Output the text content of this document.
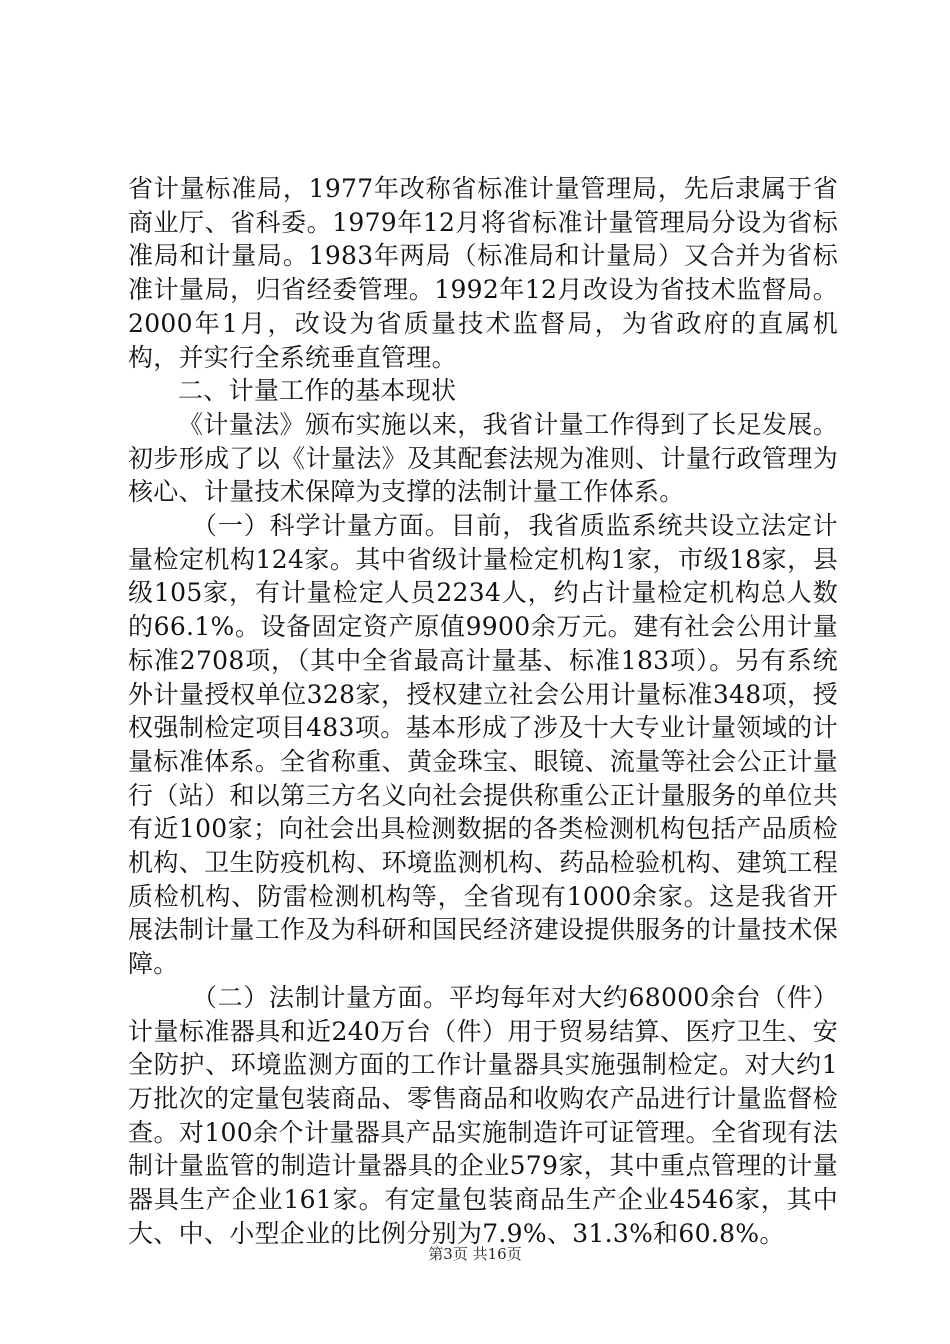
省计量标准局，1977年改称省标准计量管理局，先后隶属于省商业厅、省科委。1979年12月将省标准计量管理局分设为省标准局和计量局。1983年两局（标准局和计量局）又合并为省标准计量局，归省经委管理。1992年12月改设为省技术监督局。2000年1月，改设为省质量技术监督局，为省政府的直属机构，并实行全系统垂直管理。

二、计量工作的基本现状

《计量法》颁布实施以来，我省计量工作得到了长足发展。初步形成了以《计量法》及其配套法规为准则、计量行政管理为核心、计量技术保障为支撑的法制计量工作体系。

（一）科学计量方面。目前，我省质监系统共设立法定计量检定机构124家。其中省级计量检定机构1家，市级18家，县级105家，有计量检定人员2234人，约占计量检定机构总人数的66.1%。设备固定资产原值9900余万元。建有社会公用计量标准2708项，（其中全省最高计量基、标准183项）。另有系统外计量授权单位328家，授权建立社会公用计量标准348项，授权强制检定项目483项。基本形成了涉及十大专业计量领域的计量标准体系。全省称重、黄金珠宝、眼镜、流量等社会公正计量行（站）和以第三方名义向社会提供称重公正计量服务的单位共有近100家；向社会出具检测数据的各类检测机构包括产品质检机构、卫生防疫机构、环境监测机构、药品检验机构、建筑工程质检机构、防雷检测机构等，全省现有1000余家。这是我省开展法制计量工作及为科研和国民经济建设提供服务的计量技术保障。

（二）法制计量方面。平均每年对大约68000余台（件）计量标准器具和近240万台（件）用于贸易结算、医疗卫生、安全防护、环境监测方面的工作计量器具实施强制检定。对大约1万批次的定量包装商品、零售商品和收购农产品进行计量监督检查。对100余个计量器具产品实施制造许可证管理。全省现有法制计量监管的制造计量器具的企业579家，其中重点管理的计量器具生产企业161家。有定量包装商品生产企业4546家，其中大、中、小型企业的比例分别为7.9%、31.3%和60.8%。

第3页 共16页
